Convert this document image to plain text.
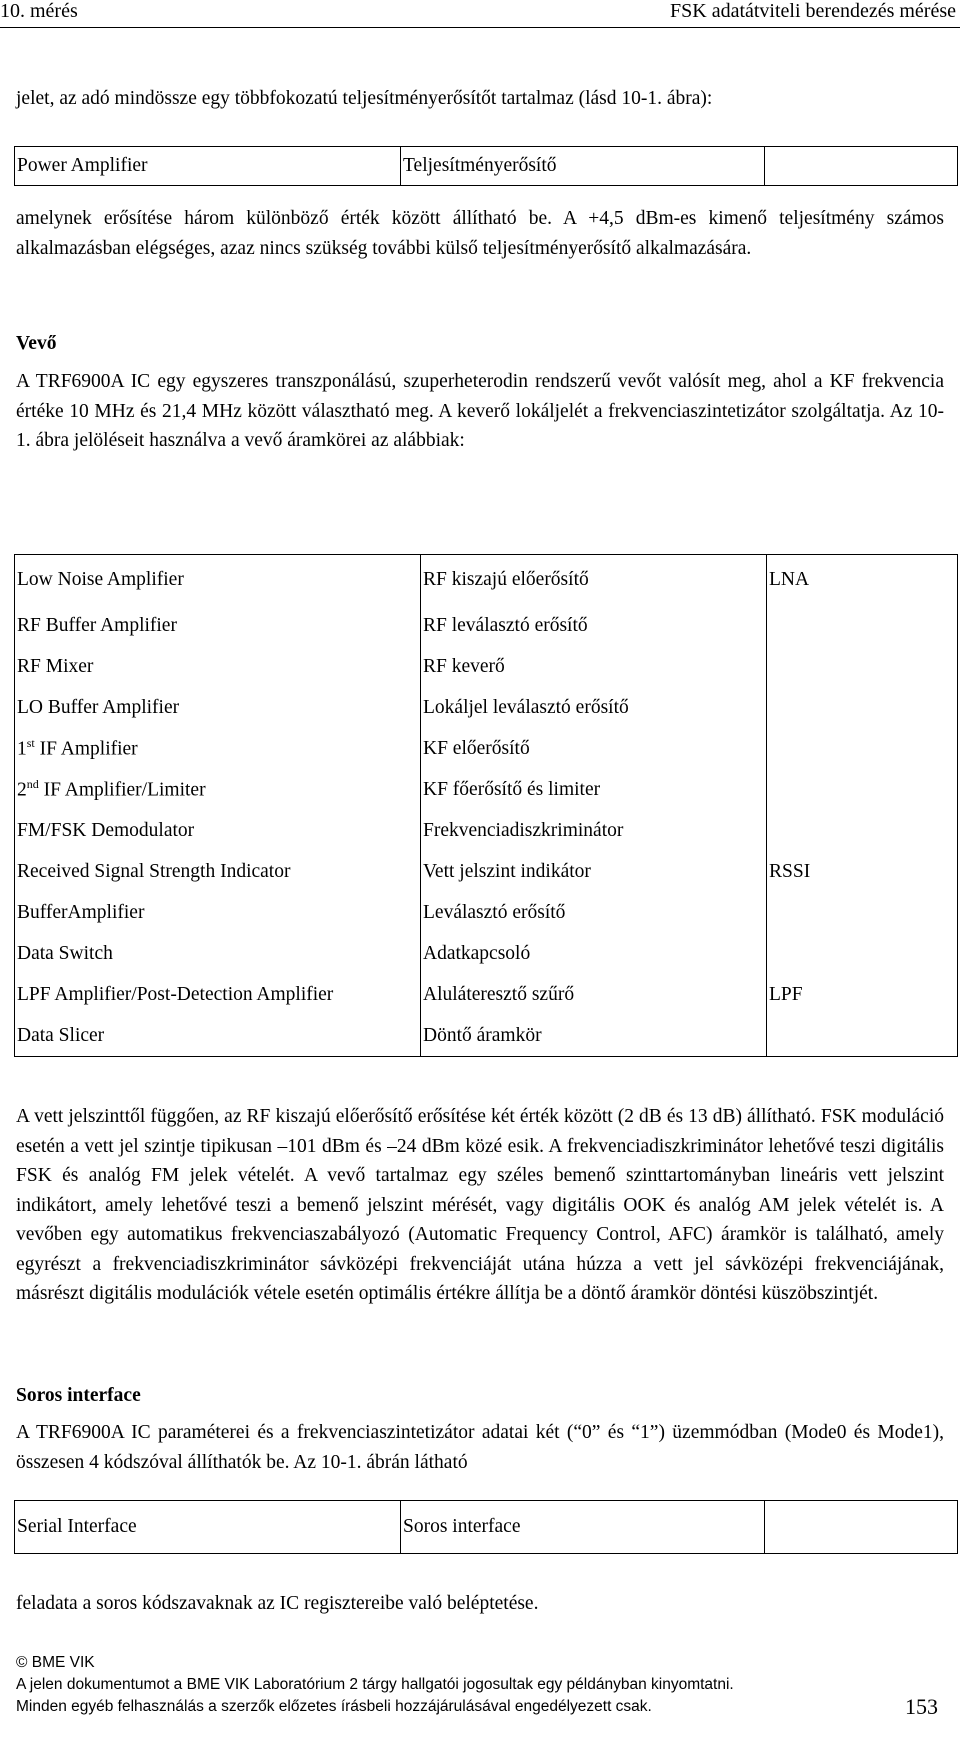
10. mérés	FSK adatátviteli berendezés mérése
jelet, az adó mindössze egy többfokozatú teljesítményerősítőt tartalmaz (lásd 10-1. ábra):
Power Amplifier	Teljesítményerősítő	
amelynek erősítése három különböző érték között állítható be. A +4,5 dBm-es kimenő teljesítmény számos alkalmazásban elégséges, azaz nincs szükség további külső teljesítményerősítő alkalmazására.
Vevő
A TRF6900A IC egy egyszeres transzponálású, szuperheterodin rendszerű vevőt valósít meg, ahol a KF frekvencia értéke 10 MHz és 21,4 MHz között választható meg. A keverő lokáljelét a frekvenciaszintetizátor szolgáltatja. Az 10-1. ábra jelöléseit használva a vevő áramkörei az alábbiak:
Low Noise Amplifier	RF kiszajú előerősítő	LNA
RF Buffer Amplifier	RF leválasztó erősítő	
RF Mixer	RF keverő	
LO Buffer Amplifier	Lokáljel leválasztó erősítő	
1st IF Amplifier	KF előerősítő	
2nd IF Amplifier/Limiter	KF főerősítő és limiter	
FM/FSK Demodulator	Frekvenciadiszkriminátor	
Received Signal Strength Indicator	Vett jelszint indikátor	RSSI
BufferAmplifier	Leválasztó erősítő	
Data Switch	Adatkapcsoló	
LPF Amplifier/Post-Detection Amplifier	Aluláteresztő szűrő	LPF
Data Slicer	Döntő áramkör	
A vett jelszinttől függően, az RF kiszajú előerősítő erősítése két érték között (2 dB és 13 dB) állítható. FSK moduláció esetén a vett jel szintje tipikusan –101 dBm és –24 dBm közé esik. A frekvenciadiszkriminátor lehetővé teszi digitális FSK és analóg FM jelek vételét. A vevő tartalmaz egy széles bemenő szinttartományban lineáris vett jelszint indikátort, amely lehetővé teszi a bemenő jelszint mérését, vagy digitális OOK és analóg AM jelek vételét is. A vevőben egy automatikus frekvenciaszabályozó (Automatic Frequency Control, AFC) áramkör is található, amely egyrészt a frekvenciadiszkriminátor sávközépi frekvenciáját utána húzza a vett jel sávközépi frekvenciájának, másrészt digitális modulációk vétele esetén optimális értékre állítja be a döntő áramkör döntési küszöbszintjét.
Soros interface
A TRF6900A IC paraméterei és a frekvenciaszintetizátor adatai két (“0” és “1”) üzemmódban (Mode0 és Mode1), összesen 4 kódszóval állíthatók be. Az 10-1. ábrán látható
Serial Interface	Soros interface	
feladata a soros kódszavaknak az IC regisztereibe való beléptetése.
© BME VIK
A jelen dokumentumot a BME VIK Laboratórium 2 tárgy hallgatói jogosultak egy példányban kinyomtatni.
Minden egyéb felhasználás a szerzők előzetes írásbeli hozzájárulásával engedélyezett csak.	153
